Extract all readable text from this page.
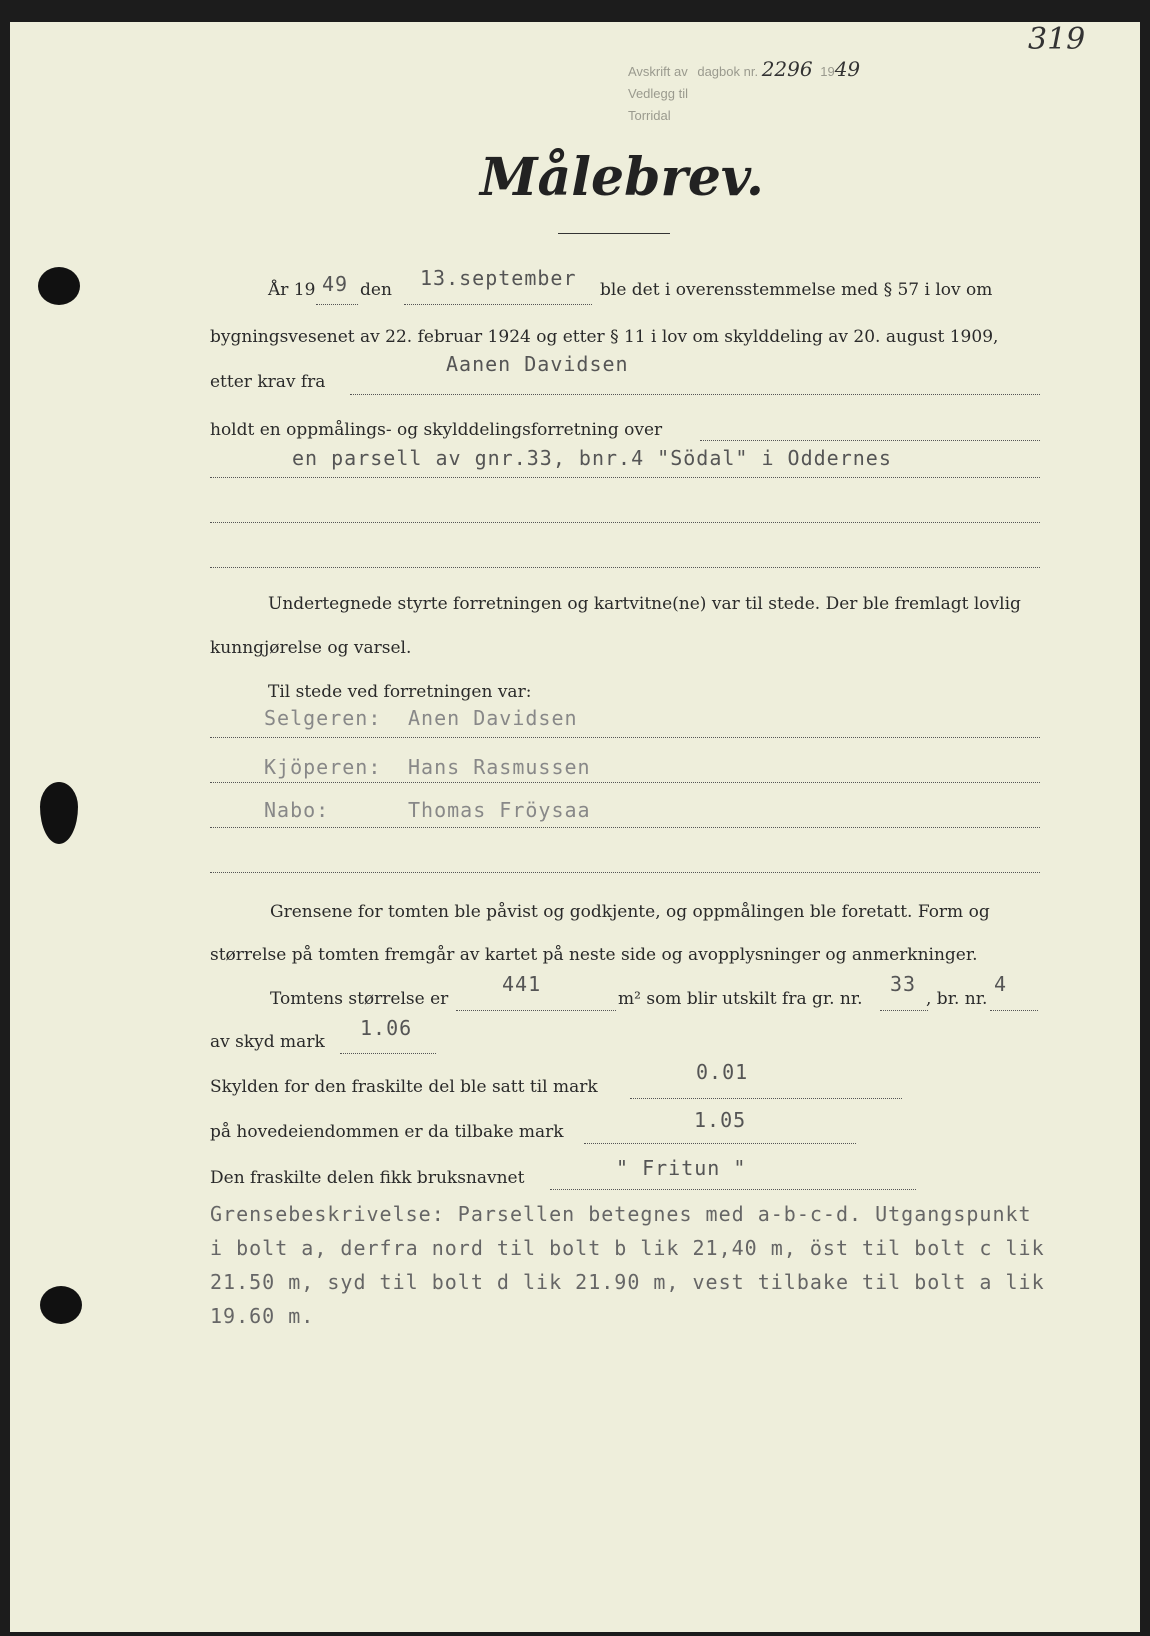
319
Avskrift av dagbok nr. 2296 1949
Vedlegg til
Torridal
Målebrev.
År 19 49 den 13.september ble det i overensstemmelse med § 57 i lov om
bygningsvesenet av 22. februar 1924 og etter § 11 i lov om skylddeling av 20. august 1909,
etter krav fra
Aanen Davidsen
holdt en oppmålings- og skylddelingsforretning over
en parsell av gnr.33, bnr.4 "Södal" i Oddernes
Undertegnede styrte forretningen og kartvitne(ne) var til stede. Der ble fremlagt lovlig
kunngjørelse og varsel.
Til stede ved forretningen var:
Selgeren: Anen Davidsen
Kjöperen: Hans Rasmussen
Nabo:	Thomas Fröysaa
Grensene for tomten ble påvist og godkjente, og oppmålingen ble foretatt. Form og
størrelse på tomten fremgår av kartet på neste side og avopplysninger og anmerkninger.
Tomtens størrelse er
441
m² som blir utskilt fra gr. nr.
33
, br. nr.
4
av skyd mark
1.06
Skylden for den fraskilte del ble satt til mark
0.01
på hovedeiendommen er da tilbake mark	1.05
Den fraskilte delen fikk bruksnavnet	" Fritun "
Grensebeskrivelse: Parsellen betegnes med a-b-c-d. Utgangspunkt
i bolt a, derfra nord til bolt b lik 21,40 m, öst til bolt c lik
21.50 m, syd til bolt d lik 21.90 m, vest tilbake til bolt a lik
19.60 m.
